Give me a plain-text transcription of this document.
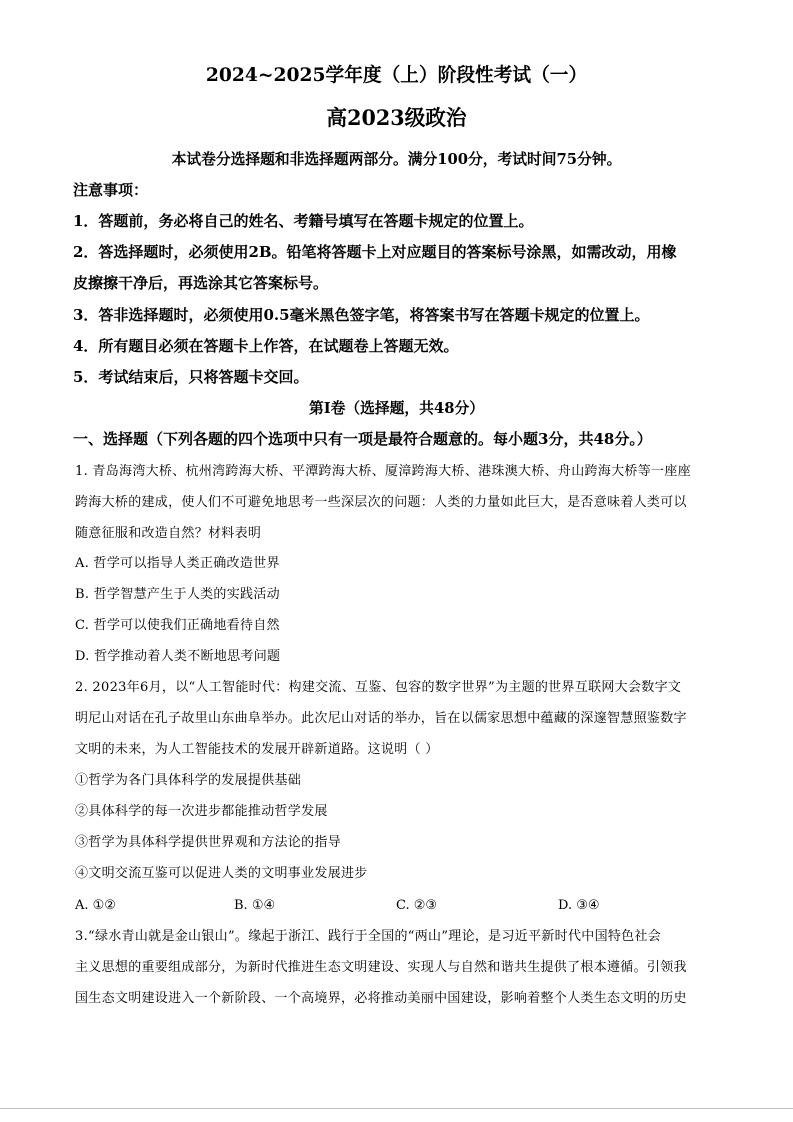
2024~2025学年度（上）阶段性考试（一）
高2023级政治
本试卷分选择题和非选择题两部分。满分100分，考试时间75分钟。
注意事项：
1．答题前，务必将自己的姓名、考籍号填写在答题卡规定的位置上。
2．答选择题时，必须使用2B。铅笔将答题卡上对应题目的答案标号涂黑，如需改动，用橡
皮擦擦干净后，再选涂其它答案标号。
3．答非选择题时，必须使用0.5毫米黑色签字笔，将答案书写在答题卡规定的位置上。
4．所有题目必须在答题卡上作答，在试题卷上答题无效。
5．考试结束后，只将答题卡交回。
第Ⅰ卷（选择题，共48分）
一、选择题（下列各题的四个选项中只有一项是最符合题意的。每小题3分，共48分。）
1. 青岛海湾大桥、杭州湾跨海大桥、平潭跨海大桥、厦漳跨海大桥、港珠澳大桥、舟山跨海大桥等一座座
跨海大桥的建成，使人们不可避免地思考一些深层次的问题：人类的力量如此巨大，是否意味着人类可以
随意征服和改造自然？材料表明
A. 哲学可以指导人类正确改造世界
B. 哲学智慧产生于人类的实践活动
C. 哲学可以使我们正确地看待自然
D. 哲学推动着人类不断地思考问题
2. 2023年6月，以“人工智能时代：构建交流、互鉴、包容的数字世界”为主题的世界互联网大会数字文
明尼山对话在孔子故里山东曲阜举办。此次尼山对话的举办，旨在以儒家思想中蕴藏的深邃智慧照鉴数字
文明的未来，为人工智能技术的发展开辟新道路。这说明（ ）
①哲学为各门具体科学的发展提供基础
②具体科学的每一次进步都能推动哲学发展
③哲学为具体科学提供世界观和方法论的指导
④文明交流互鉴可以促进人类的文明事业发展进步
A. ①②	B. ①④	C. ②③	D. ③④
3.“绿水青山就是金山银山”。缘起于浙江、践行于全国的“两山”理论，是习近平新时代中国特色社会
主义思想的重要组成部分，为新时代推进生态文明建设、实现人与自然和谐共生提供了根本遵循。引领我
国生态文明建设进入一个新阶段、一个高境界，必将推动美丽中国建设，影响着整个人类生态文明的历史
